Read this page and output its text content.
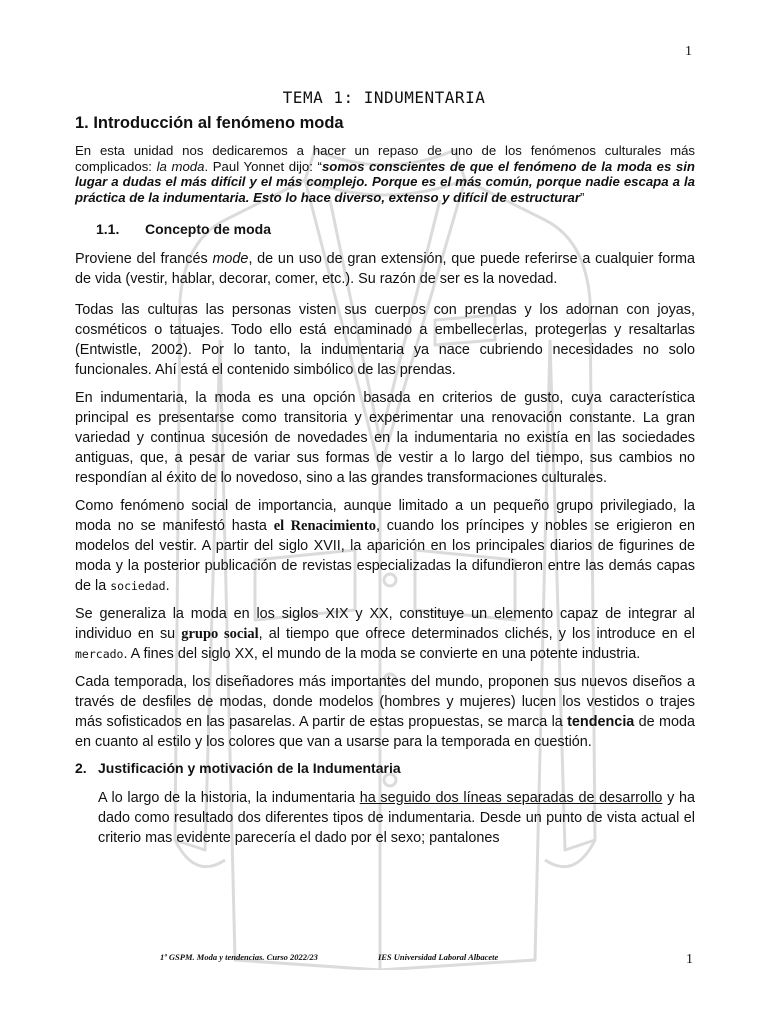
1
TEMA 1: INDUMENTARIA
1. Introducción al fenómeno moda

En esta unidad nos dedicaremos a hacer un repaso de uno de los fenómenos culturales más complicados: la moda. Paul Yonnet dijo: “somos conscientes de que el fenómeno de la moda es sin lugar a dudas el más difícil y el más complejo. Porque es el más común, porque nadie escapa a la práctica de la indumentaria. Esto lo hace diverso, extenso y difícil de estructurar”

1.1. Concepto de moda

Proviene del francés mode, de un uso de gran extensión, que puede referirse a cualquier forma de vida (vestir, hablar, decorar, comer, etc.). Su razón de ser es la novedad.

Todas las culturas las personas visten sus cuerpos con prendas y los adornan con joyas, cosméticos o tatuajes. Todo ello está encaminado a embellecerlas, protegerlas y resaltarlas (Entwistle, 2002). Por lo tanto, la indumentaria ya nace cubriendo necesidades no solo funcionales. Ahí está el contenido simbólico de las prendas.

En indumentaria, la moda es una opción basada en criterios de gusto, cuya característica principal es presentarse como transitoria y experimentar una renovación constante. La gran variedad y continua sucesión de novedades en la indumentaria no existía en las sociedades antiguas, que, a pesar de variar sus formas de vestir a lo largo del tiempo, sus cambios no respondían al éxito de lo novedoso, sino a las grandes transformaciones culturales.

Como fenómeno social de importancia, aunque limitado a un pequeño grupo privilegiado, la moda no se manifestó hasta el Renacimiento, cuando los príncipes y nobles se erigieron en modelos del vestir. A partir del siglo XVII, la aparición en los principales diarios de figurines de moda y la posterior publicación de revistas especializadas la difundieron entre las demás capas de la sociedad.

Se generaliza la moda en los siglos XIX y XX, constituye un elemento capaz de integrar al individuo en su grupo social, al tiempo que ofrece determinados clichés, y los introduce en el mercado. A fines del siglo XX, el mundo de la moda se convierte en una potente industria.

Cada temporada, los diseñadores más importantes del mundo, proponen sus nuevos diseños a través de desfiles de modas, donde modelos (hombres y mujeres) lucen los vestidos o trajes más sofisticados en las pasarelas. A partir de estas propuestas, se marca la tendencia de moda en cuanto al estilo y los colores que van a usarse para la temporada en cuestión.

2. Justificación y motivación de la Indumentaria

A lo largo de la historia, la indumentaria ha seguido dos líneas separadas de desarrollo y ha dado como resultado dos diferentes tipos de indumentaria. Desde un punto de vista actual el criterio mas evidente parecería el dado por el sexo; pantalones

1º GSPM. Moda y tendencias. Curso 2022/23	IES Universidad Laboral Albacete	1
